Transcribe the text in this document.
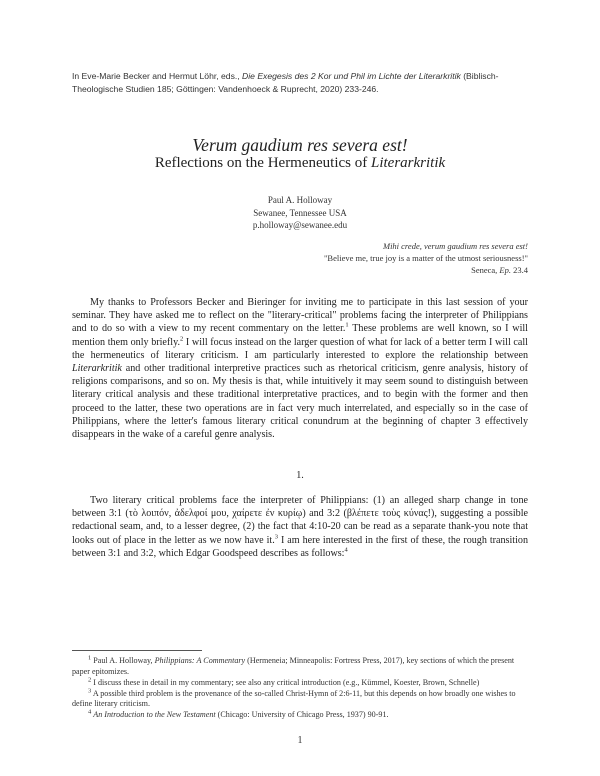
In Eve-Marie Becker and Hermut Löhr, eds., Die Exegesis des 2 Kor und Phil im Lichte der Literarkritik (Biblisch-Theologische Studien 185; Göttingen: Vandenhoeck & Ruprecht, 2020) 233-246.
Verum gaudium res severa est!
Reflections on the Hermeneutics of Literarkritik
Paul A. Holloway
Sewanee, Tennessee USA
p.holloway@sewanee.edu
Mihi crede, verum gaudium res severa est!
"Believe me, true joy is a matter of the utmost seriousness!"
Seneca, Ep. 23.4
My thanks to Professors Becker and Bieringer for inviting me to participate in this last session of your seminar. They have asked me to reflect on the "literary-critical" problems facing the interpreter of Philippians and to do so with a view to my recent commentary on the letter.$^1$ These problems are well known, so I will mention them only briefly.$^2$ I will focus instead on the larger question of what for lack of a better term I will call the hermeneutics of literary criticism. I am particularly interested to explore the relationship between Literarkritik and other traditional interpretive practices such as rhetorical criticism, genre analysis, history of religions comparisons, and so on. My thesis is that, while intuitively it may seem sound to distinguish between literary critical analysis and these traditional interpretative practices, and to begin with the former and then proceed to the latter, these two operations are in fact very much interrelated, and especially so in the case of Philippians, where the letter's famous literary critical conundrum at the beginning of chapter 3 effectively disappears in the wake of a careful genre analysis.
1.
Two literary critical problems face the interpreter of Philippians: (1) an alleged sharp change in tone between 3:1 (τὸ λοιπόν, ἀδελφοί μου, χαίρετε ἐν κυρίῳ) and 3:2 (βλέπετε τοὺς κύνας!), suggesting a possible redactional seam, and, to a lesser degree, (2) the fact that 4:10-20 can be read as a separate thank-you note that looks out of place in the letter as we now have it.$^3$ I am here interested in the first of these, the rough transition between 3:1 and 3:2, which Edgar Goodspeed describes as follows:$^4$

$^1$ Paul A. Holloway, Philippians: A Commentary (Hermeneia; Minneapolis: Fortress Press, 2017), key sections of which the present paper epitomizes.

$^2$ I discuss these in detail in my commentary; see also any critical introduction (e.g., Kümmel, Koester, Brown, Schnelle)

$^3$ A possible third problem is the provenance of the so-called Christ-Hymn of 2:6-11, but this depends on how broadly one wishes to define literary criticism.

$^4$ An Introduction to the New Testament (Chicago: University of Chicago Press, 1937) 90-91.

1
